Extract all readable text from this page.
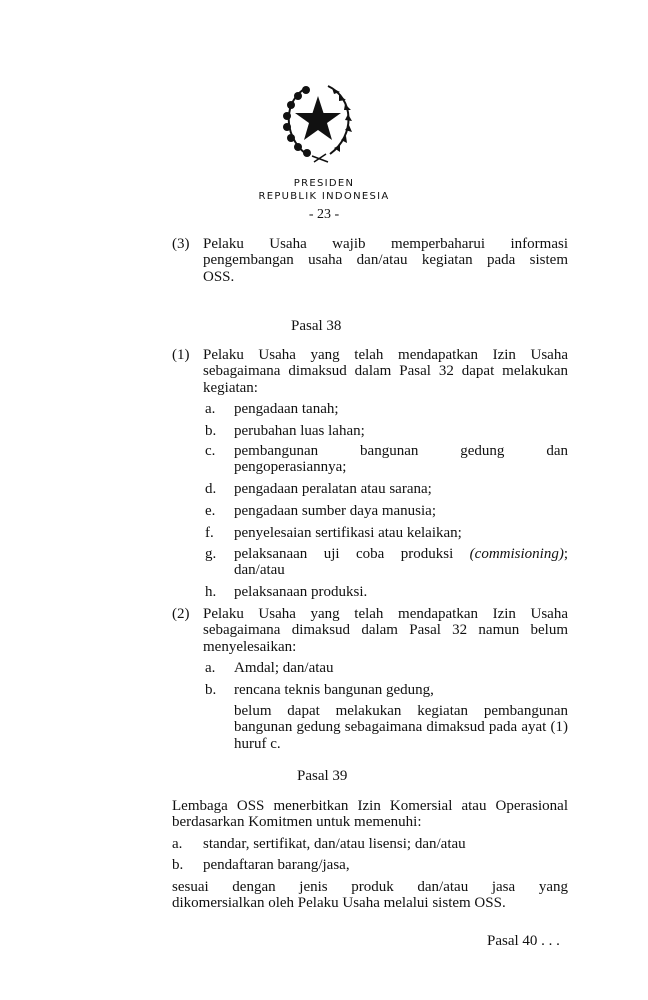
PRESIDEN
REPUBLIK INDONESIA
- 23 -
(3) Pelaku Usaha wajib memperbaharui informasi
pengembangan usaha dan/atau kegiatan pada sistem
OSS.
Pasal 38
(1) Pelaku Usaha yang telah mendapatkan Izin Usaha
sebagaimana dimaksud dalam Pasal 32 dapat melakukan
kegiatan:
a. pengadaan tanah;
b. perubahan luas lahan;
c. pembangunan bangunan gedung dan
pengoperasiannya;
d. pengadaan peralatan atau sarana;
e. pengadaan sumber daya manusia;
f. penyelesaian sertifikasi atau kelaikan;
g. pelaksanaan uji coba produksi (commisioning);
dan/atau
h. pelaksanaan produksi.
(2) Pelaku Usaha yang telah mendapatkan Izin Usaha
sebagaimana dimaksud dalam Pasal 32 namun belum
menyelesaikan:
a. Amdal; dan/atau
b. rencana teknis bangunan gedung,
belum dapat melakukan kegiatan pembangunan
bangunan gedung sebagaimana dimaksud pada ayat (1)
huruf c.
Pasal 39
Lembaga OSS menerbitkan Izin Komersial atau Operasional
berdasarkan Komitmen untuk memenuhi:
a. standar, sertifikat, dan/atau lisensi; dan/atau
b. pendaftaran barang/jasa,
sesuai dengan jenis produk dan/atau jasa yang
dikomersialkan oleh Pelaku Usaha melalui sistem OSS.
Pasal 40 . . .
